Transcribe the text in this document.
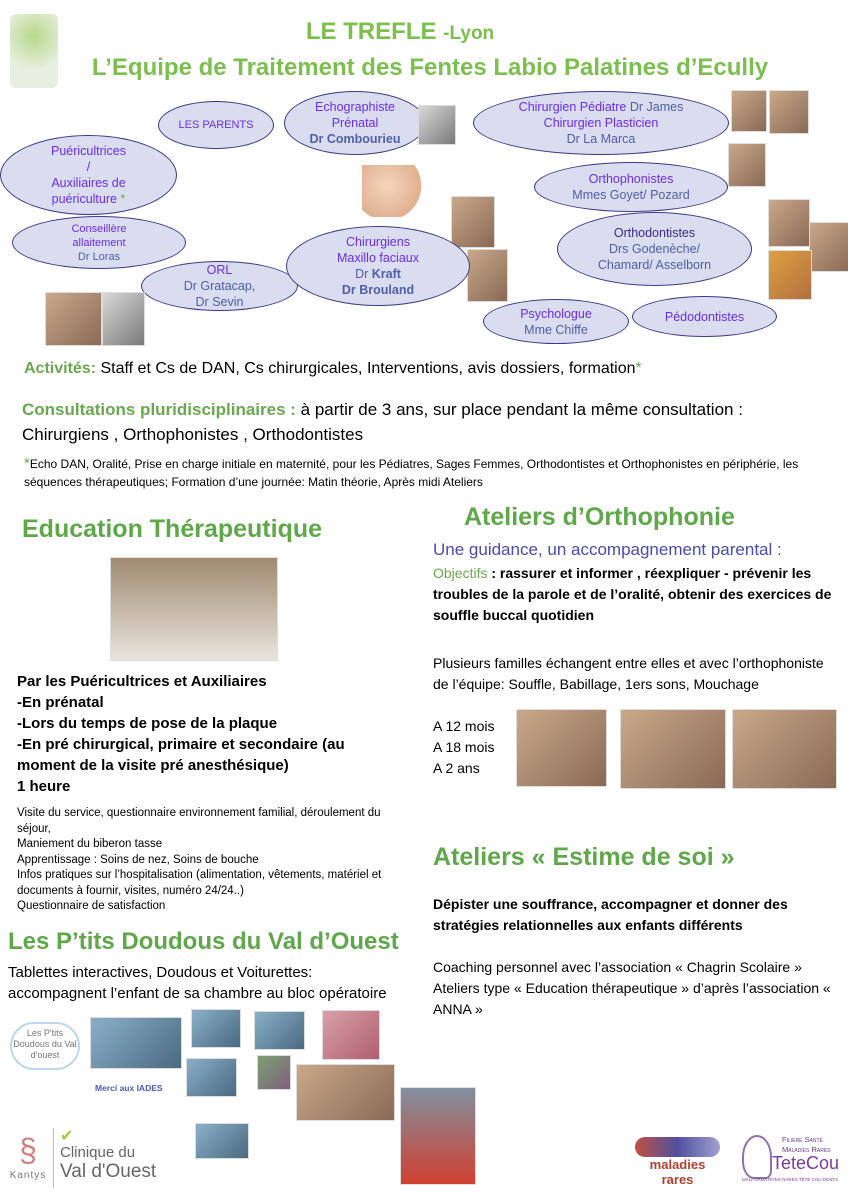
LE TREFLE -Lyon
L’Equipe de Traitement des Fentes Labio Palatines d’Ecully
LES PARENTS
Echographiste
Prénatal
Dr Combourieu
Chirurgien Pédiatre Dr James
Chirurgien Plasticien
Dr La Marca
Puéricultrices
/
Auxiliaires de
puériculture *
Orthophonistes
Mmes Goyet/ Pozard
Conseillère
allaitement
Dr Loras
Orthodontistes
Drs Godenèche/
Chamard/ Asselborn
ORL
Dr Gratacap,
Dr Sevin
Chirurgiens
Maxillo faciaux
Dr Kraft
Dr Brouland
Psychologue
Mme Chiffe
Pédodontistes
Activités: Staff et Cs de DAN, Cs chirurgicales, Interventions, avis dossiers, formation*
Consultations pluridisciplinaires : à partir de 3 ans, sur place pendant la même consultation :
Chirurgiens , Orthophonistes , Orthodontistes
*Echo DAN, Oralité, Prise en charge initiale en maternité, pour les Pédiatres, Sages Femmes, Orthodontistes et Orthophonistes en périphérie, les séquences thérapeutiques; Formation d’une journée: Matin théorie, Après midi Ateliers
Education Thérapeutique
Par les Puéricultrices et Auxiliaires
-En prénatal
-Lors du temps de pose de la plaque
-En pré chirurgical, primaire et secondaire (au moment de la visite pré anesthésique)
1 heure
Visite du service, questionnaire environnement familial, déroulement du séjour,
Maniement du biberon tasse
Apprentissage : Soins de nez, Soins de bouche
Infos pratiques sur l’hospitalisation (alimentation, vêtements, matériel et documents à fournir, visites, numéro 24/24..)
Questionnaire de satisfaction
Ateliers d’Orthophonie
Une guidance, un accompagnement parental :
Objectifs : rassurer et informer , réexpliquer - prévenir les troubles de la parole et de l’oralité, obtenir des exercices de souffle buccal quotidien
Plusieurs familles échangent entre elles et avec l’orthophoniste de l’équipe: Souffle, Babillage, 1ers sons, Mouchage
A 12 mois
A 18 mois
A 2 ans
Ateliers « Estime de soi »
Dépister une souffrance, accompagner et donner des stratégies relationnelles aux enfants différents
Coaching personnel avec l’association « Chagrin Scolaire »
Ateliers type « Education thérapeutique » d’après l’association « ANNA »
Les P’tits Doudous du Val d’Ouest
Tablettes interactives, Doudous et Voiturettes:
accompagnent l’enfant de sa chambre au bloc opératoire
Les P'tits Doudous du Val d'ouest
Merci aux IADES
§
Kantys
✔
Clinique du
Val d'Ouest	maladies rares
Filière Santé
Maladies Rares
TeteCou
MALFORMATIONS RARES TÊTE COU DENTS
